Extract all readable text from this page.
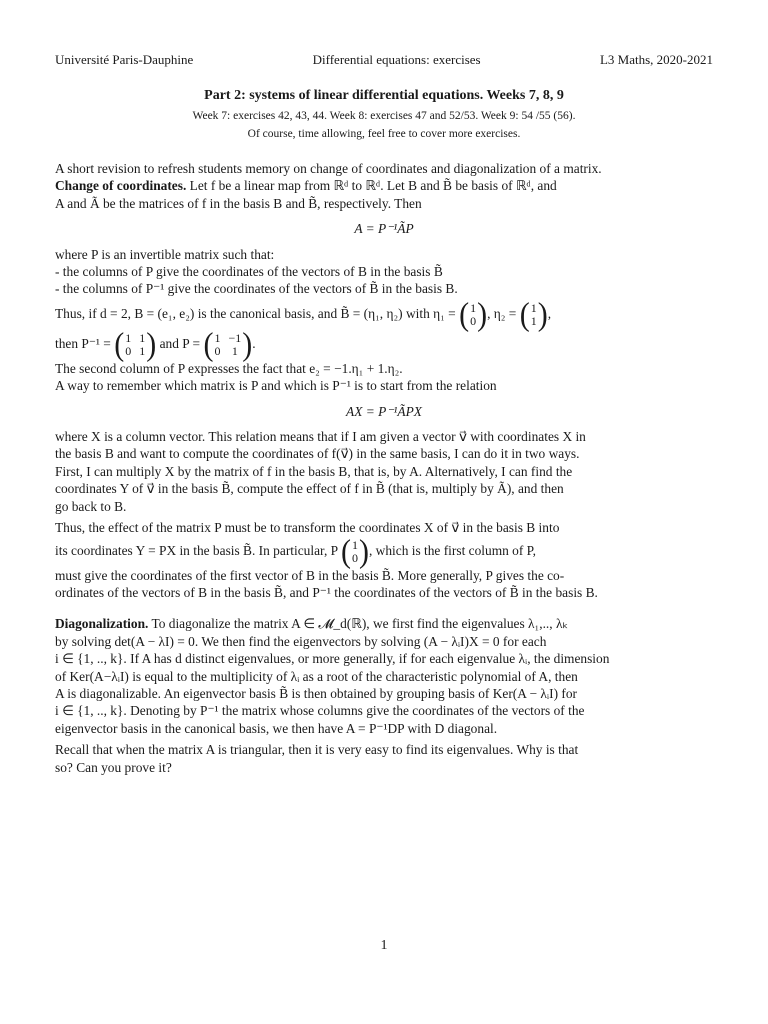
Université Paris-Dauphine	Differential equations: exercises	L3 Maths, 2020-2021
Part 2: systems of linear differential equations. Weeks 7, 8, 9
Week 7: exercises 42, 43, 44. Week 8: exercises 47 and 52/53. Week 9: 54 /55 (56).
Of course, time allowing, feel free to cover more exercises.

A short revision to refresh students memory on change of coordinates and diagonalization of a matrix.

Change of coordinates. Let f be a linear map from ℝᵈ to ℝᵈ. Let B and B̃ be basis of ℝᵈ, and
A and Ã be the matrices of f in the basis B and B̃, respectively. Then

A = P⁻¹ÃP

where P is an invertible matrix such that:

- the columns of P give the coordinates of the vectors of B in the basis B̃

- the columns of P⁻¹ give the coordinates of the vectors of B̃ in the basis B.

Thus, if d = 2, B = (e₁, e₂) is the canonical basis, and B̃ = (η₁, η₂) with η₁ = ( 1
0 ) , η₂ = ( 1
1 ) ,

then P⁻¹ = ( 1 1
0 1 ) and P = ( 1 −1
0 1 ) .

The second column of P expresses the fact that e₂ = −1.η₁ + 1.η₂.

A way to remember which matrix is P and which is P⁻¹ is to start from the relation

AX = P⁻¹ÃPX

where X is a column vector. This relation means that if I am given a vector v⃗ with coordinates X in
the basis B and want to compute the coordinates of f(v⃗) in the same basis, I can do it in two ways.
First, I can multiply X by the matrix of f in the basis B, that is, by A. Alternatively, I can find the
coordinates Y of v⃗ in the basis B̃, compute the effect of f in B̃ (that is, multiply by Ã), and then
go back to B.

Thus, the effect of the matrix P must be to transform the coordinates X of v⃗ in the basis B into
its coordinates Y = PX in the basis B̃. In particular, P ( 1
0 ) , which is the first column of P,
must give the coordinates of the first vector of B in the basis B̃. More generally, P gives the co-
ordinates of the vectors of B in the basis B̃, and P⁻¹ the coordinates of the vectors of B̃ in the basis B.

Diagonalization. To diagonalize the matrix A ∈ 𝓜_d(ℝ), we first find the eigenvalues λ₁,.., λₖ
by solving det(A − λI) = 0. We then find the eigenvectors by solving (A − λᵢI)X = 0 for each
i ∈ {1, .., k}. If A has d distinct eigenvalues, or more generally, if for each eigenvalue λᵢ, the dimension
of Ker(A−λᵢI) is equal to the multiplicity of λᵢ as a root of the characteristic polynomial of A, then
A is diagonalizable. An eigenvector basis B̃ is then obtained by grouping basis of Ker(A − λᵢI) for
i ∈ {1, .., k}. Denoting by P⁻¹ the matrix whose columns give the coordinates of the vectors of the
eigenvector basis in the canonical basis, we then have A = P⁻¹DP with D diagonal.

Recall that when the matrix A is triangular, then it is very easy to find its eigenvalues. Why is that
so? Can you prove it?

1
